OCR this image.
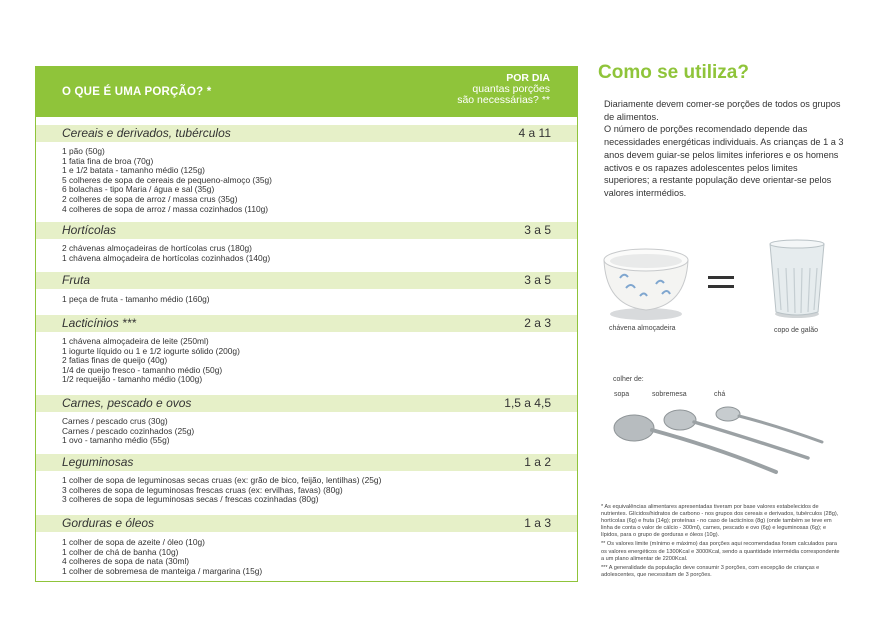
O QUE É UMA PORÇÃO? *
POR DIA
quantas porções
são necessárias? **
Cereais e derivados, tubérculos	4 a 11
1 pão (50g)
1 fatia fina de broa (70g)
1 e 1/2 batata - tamanho médio (125g)
5 colheres de sopa de cereais de pequeno-almoço (35g)
6 bolachas - tipo Maria / água e sal (35g)
2 colheres de sopa de arroz / massa crus (35g)
4 colheres de sopa de arroz / massa cozinhados (110g)
Hortícolas	3 a 5
2 chávenas almoçadeiras de hortícolas crus (180g)
1 chávena almoçadeira de hortícolas cozinhados (140g)
Fruta	3 a 5
1 peça de fruta - tamanho médio (160g)
Lacticínios ***	2 a 3
1 chávena almoçadeira de leite (250ml)
1 iogurte líquido ou 1 e 1/2 iogurte sólido (200g)
2 fatias finas de queijo (40g)
1/4 de queijo fresco - tamanho médio (50g)
1/2 requeijão - tamanho médio (100g)
Carnes, pescado e ovos	1,5 a 4,5
Carnes / pescado crus (30g)
Carnes / pescado cozinhados (25g)
1 ovo - tamanho médio (55g)
Leguminosas	1 a 2
1 colher de sopa de leguminosas secas cruas (ex: grão de bico, feijão, lentilhas) (25g)
3 colheres de sopa de leguminosas frescas cruas (ex: ervilhas, favas) (80g)
3 colheres de sopa de leguminosas secas / frescas cozinhadas (80g)
Gorduras e óleos	1 a 3
1 colher de sopa de azeite / óleo (10g)
1 colher de chá de banha (10g)
4 colheres de sopa de nata (30ml)
1 colher de sobremesa de manteiga / margarina (15g)
Como se utiliza?
Diariamente devem comer-se porções de todos os grupos de alimentos.
O número de porções recomendado depende das necessidades energéticas individuais. As crianças de 1 a 3 anos devem guiar-se pelos limites inferiores e os homens activos e os rapazes adolescentes pelos limites superiores; a restante população deve orientar-se pelos valores intermédios.
chávena almoçadeira	copo de galão
colher de:
sopa	sobremesa	chá

* As equivalências alimentares apresentadas tiveram por base valores estabelecidos de nutrientes. Glícidos/hidratos de carbono - nos grupos dos cereais e derivados, tubérculos (28g), hortícolas (6g) e fruta (14g); proteínas - no caso de lacticínios (8g) (onde também se teve em linha de conta o valor de cálcio - 300ml), carnes, pescado e ovo (6g) e leguminosas (6g); e lípidos, para o grupo de gorduras e óleos (10g).

** Os valores limite (mínimo e máximo) das porções aqui recomendadas foram calculados para os valores energéticos de 1300Kcal e 3000Kcal, sendo a quantidade intermédia correspondente a um plano alimentar de 2200Kcal.

*** A generalidade da população deve consumir 3 porções, com excepção de crianças e adolescentes, que necessitam de 3 porções.
